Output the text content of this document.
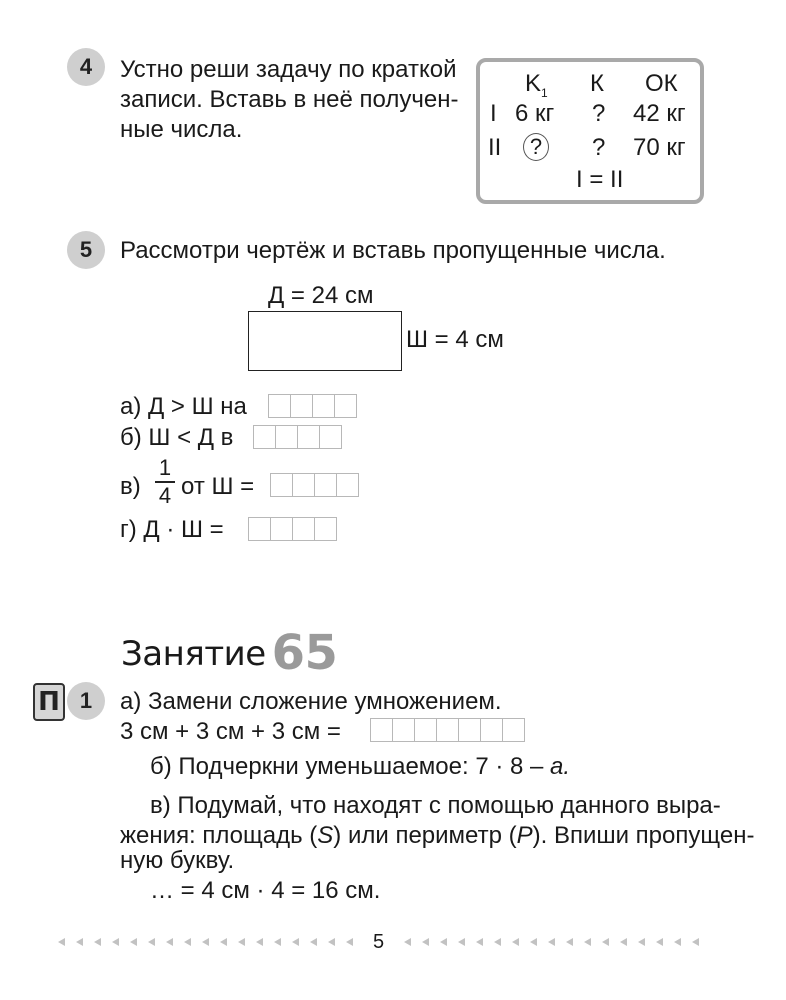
4 Устно реши задачу по краткой
записи. Вставь в неё получен-
ные числа.
$K_1$ К ОК
I 6 кг ? 42 кг
II ? ? 70 кг
I = II
5 Рассмотри чертёж и вставь пропущенные числа.
Д = 24 см
Ш = 4 см
а) Д > Ш на
б) Ш < Д в
в)
1
4 от Ш =
г) Д · Ш =
Занятие 65
П 1 а) Замени сложение умножением.
3 см + 3 см + 3 см =
б) Подчеркни уменьшаемое: 7 · 8 – а.
в) Подумай, что находят с помощью данного выра-
жения: площадь (S) или периметр (P). Впиши пропущен-
ную букву.
… = 4 см · 4 = 16 см.
5
